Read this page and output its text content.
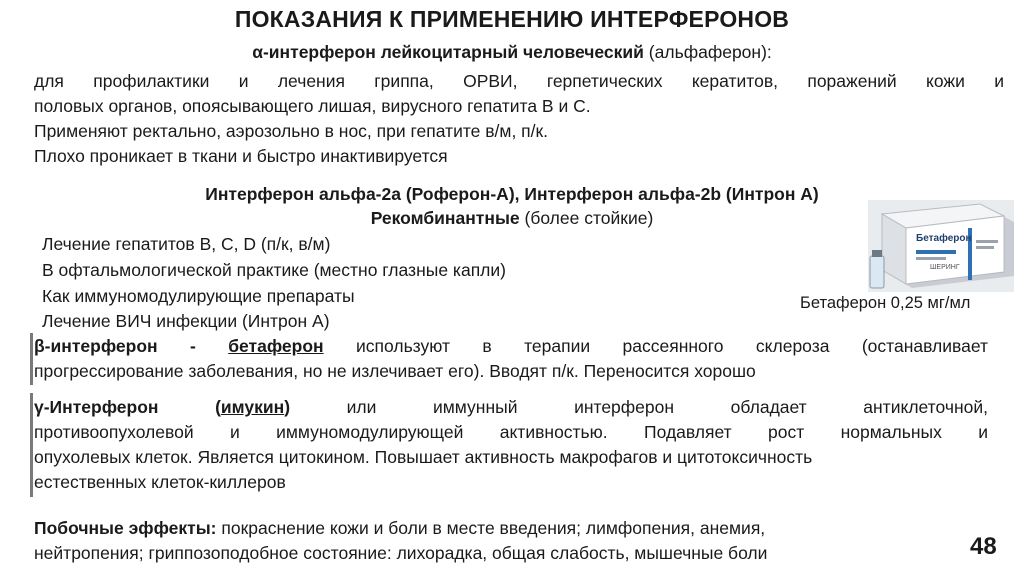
ПОКАЗАНИЯ К ПРИМЕНЕНИЮ ИНТЕРФЕРОНОВ
α-интерферон лейкоцитарный человеческий (альфаферон):
для профилактики и лечения гриппа, ОРВИ, герпетических кератитов, поражений кожи и
половых органов, опоясывающего лишая, вирусного гепатита В и С.
Применяют ректально, аэрозольно в нос, при гепатите в/м, п/к.
Плохо проникает в ткани и быстро инактивируется
Интерферон альфа-2а (Роферон-А), Интерферон альфа-2b (Интрон А)
Рекомбинантные (более стойкие)
Лечение гепатитов В, С, D (п/к, в/м)
В офтальмологической практике (местно глазные капли)
Как иммуномодулирующие препараты
Лечение ВИЧ инфекции (Интрон А)
Бетаферон
ШЕРИНГ
Бетаферон 0,25 мг/мл
β-интерферон - бетаферон используют в терапии рассеянного склероза (останавливает
прогрессирование заболевания, но не излечивает его). Вводят п/к. Переносится хорошо
γ-Интерферон (имукин) или иммунный интерферон обладает антиклеточной,
противоопухолевой и иммуномодулирующей активностью. Подавляет рост нормальных и
опухолевых клеток. Является цитокином. Повышает активность макрофагов и цитотоксичность
естественных клеток-киллеров
Побочные эффекты: покраснение кожи и боли в месте введения; лимфопения, анемия,
нейтропения; гриппозоподобное состояние: лихорадка, общая слабость, мышечные боли	48
